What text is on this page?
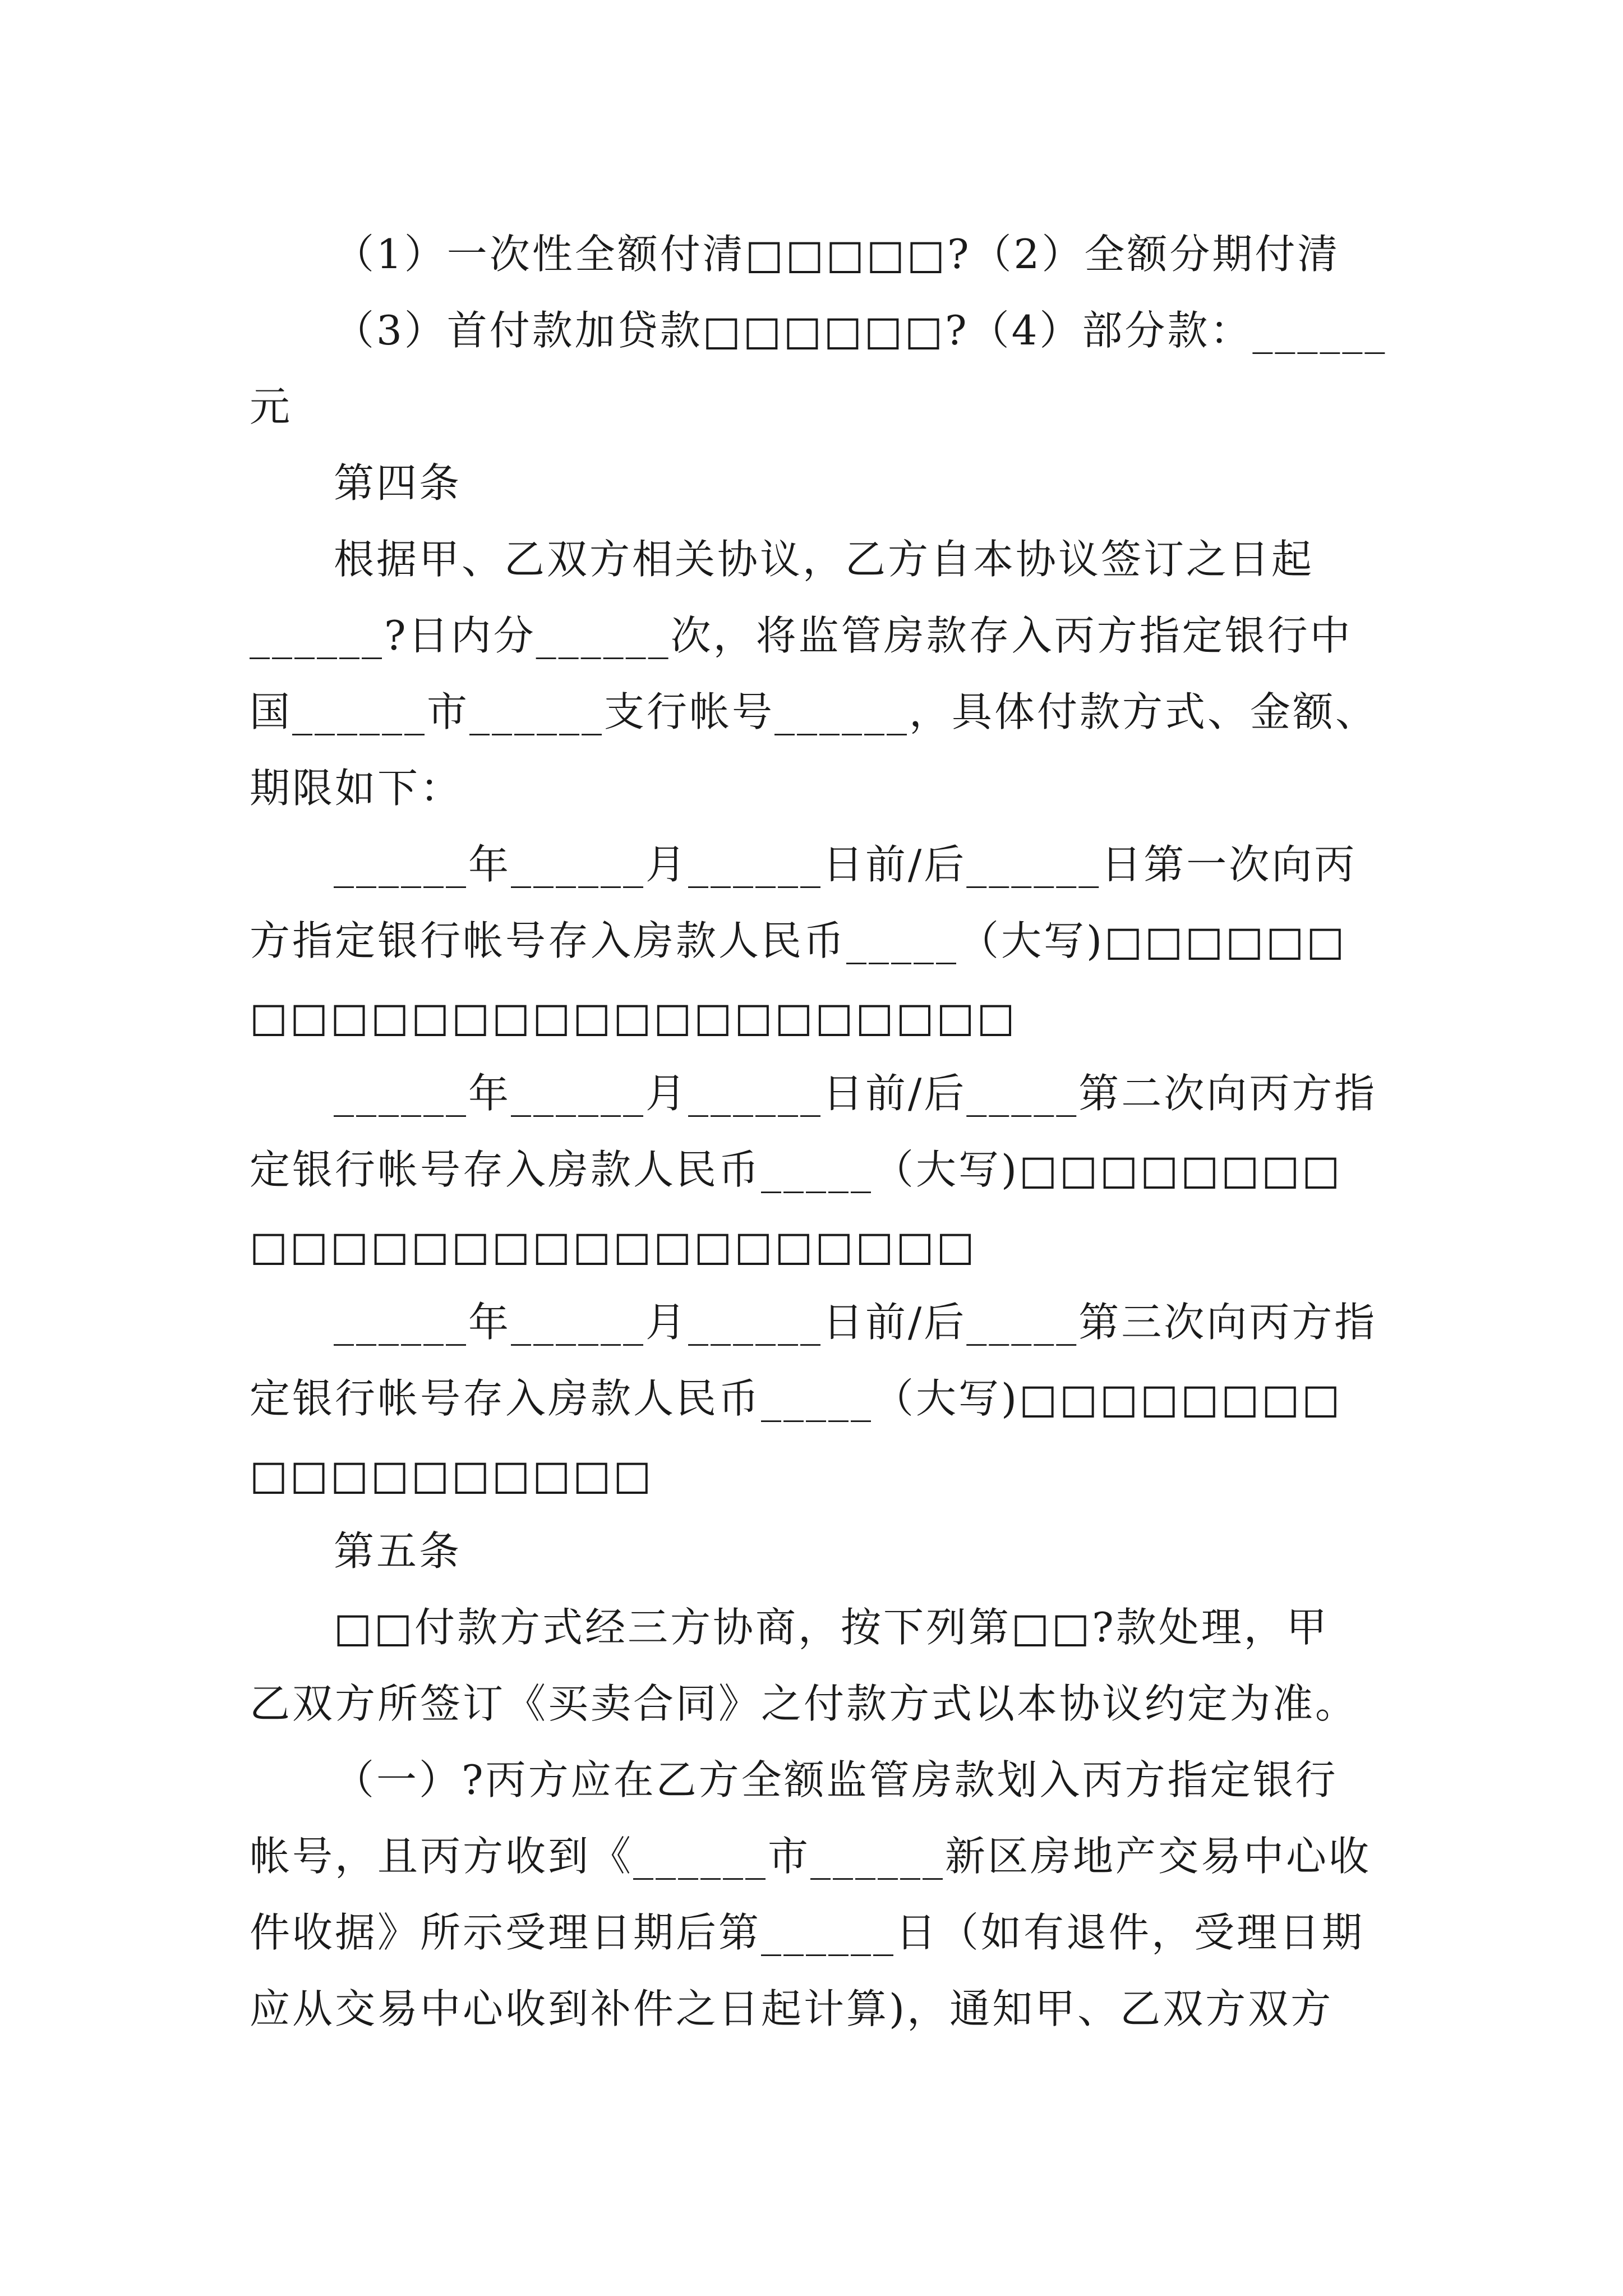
（1）一次性全额付清□□□□□?（2）全额分期付清
（3）首付款加贷款□□□□□□?（4）部分款：______
元
第四条
根据甲、乙双方相关协议，乙方自本协议签订之日起
______?日内分______次，将监管房款存入丙方指定银行中
国______市______支行帐号______，具体付款方式、金额、
期限如下：
______年______月______日前/后______日第一次向丙
方指定银行帐号存入房款人民币_____（大写)□□□□□□
□□□□□□□□□□□□□□□□□□□
______年______月______日前/后_____第二次向丙方指
定银行帐号存入房款人民币_____（大写)□□□□□□□□
□□□□□□□□□□□□□□□□□□
______年______月______日前/后_____第三次向丙方指
定银行帐号存入房款人民币_____（大写)□□□□□□□□
□□□□□□□□□□
第五条
□□付款方式经三方协商，按下列第□□?款处理，甲
乙双方所签订《买卖合同》之付款方式以本协议约定为准。
（一）?丙方应在乙方全额监管房款划入丙方指定银行
帐号，且丙方收到《______市______新区房地产交易中心收
件收据》所示受理日期后第______日（如有退件，受理日期
应从交易中心收到补件之日起计算)，通知甲、乙双方双方
